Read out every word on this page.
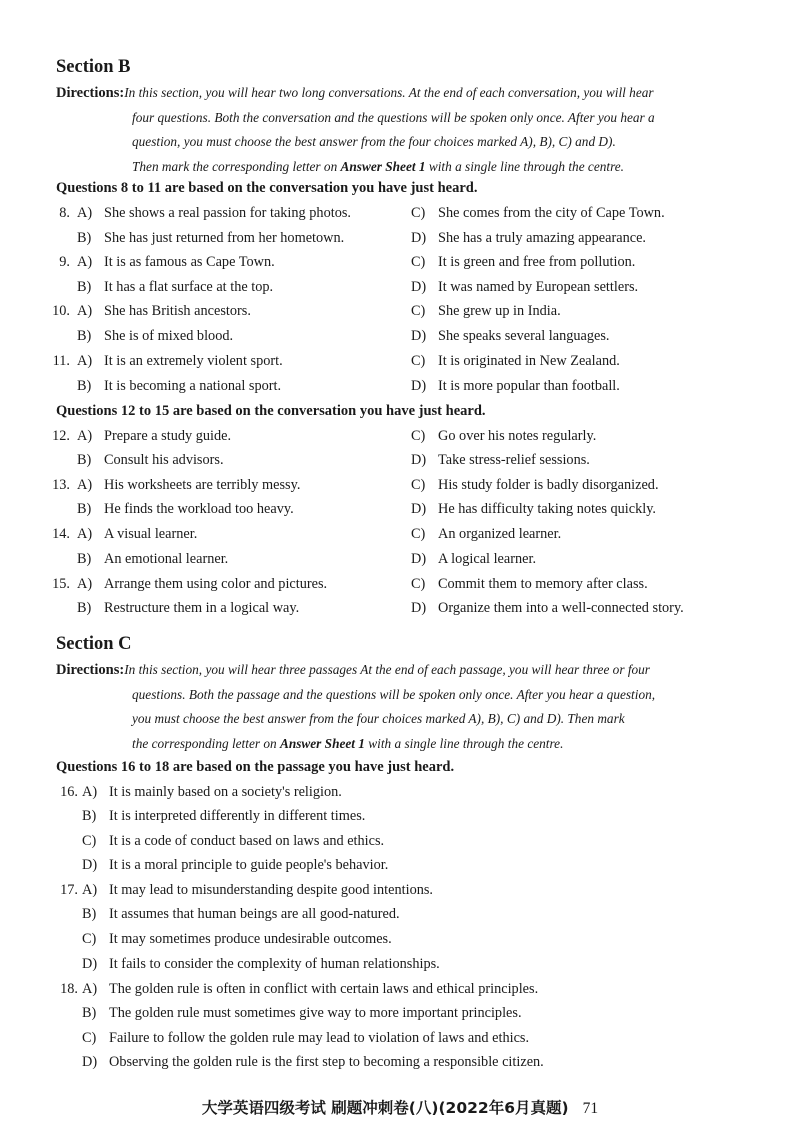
Section B
Directions:In this section, you will hear two long conversations. At the end of each conversation, you will hear
four questions. Both the conversation and the questions will be spoken only once. After you hear a
question, you must choose the best answer from the four choices marked A), B), C) and D).
Then mark the corresponding letter on Answer Sheet 1 with a single line through the centre.
Questions 8 to 11 are based on the conversation you have just heard.
8. A) She shows a real passion for taking photos.	C) She comes from the city of Cape Town.
B) She has just returned from her hometown.	D) She has a truly amazing appearance.
9. A) It is as famous as Cape Town.	C) It is green and free from pollution.
B) It has a flat surface at the top.	D) It was named by European settlers.
10. A) She has British ancestors.	C) She grew up in India.
B) She is of mixed blood.	D) She speaks several languages.
11. A) It is an extremely violent sport.	C) It is originated in New Zealand.
B) It is becoming a national sport.	D) It is more popular than football.
Questions 12 to 15 are based on the conversation you have just heard.
12. A) Prepare a study guide.	C) Go over his notes regularly.
B) Consult his advisors.	D) Take stress-relief sessions.
13. A) His worksheets are terribly messy.	C) His study folder is badly disorganized.
B) He finds the workload too heavy.	D) He has difficulty taking notes quickly.
14. A) A visual learner.	C) An organized learner.
B) An emotional learner.	D) A logical learner.
15. A) Arrange them using color and pictures.	C) Commit them to memory after class.
B) Restructure them in a logical way.	D) Organize them into a well-connected story.
Section C
Directions:In this section, you will hear three passages At the end of each passage, you will hear three or four
questions. Both the passage and the questions will be spoken only once. After you hear a question,
you must choose the best answer from the four choices marked A), B), C) and D). Then mark
the corresponding letter on Answer Sheet 1 with a single line through the centre.
Questions 16 to 18 are based on the passage you have just heard.
16. A) It is mainly based on a society's religion.
B) It is interpreted differently in different times.
C) It is a code of conduct based on laws and ethics.
D) It is a moral principle to guide people's behavior.
17. A) It may lead to misunderstanding despite good intentions.
B) It assumes that human beings are all good-natured.
C) It may sometimes produce undesirable outcomes.
D) It fails to consider the complexity of human relationships.
18. A) The golden rule is often in conflict with certain laws and ethical principles.
B) The golden rule must sometimes give way to more important principles.
C) Failure to follow the golden rule may lead to violation of laws and ethics.
D) Observing the golden rule is the first step to becoming a responsible citizen.
大学英语四级考试 刷题冲刺卷(八)(2022年6月真题) 71
